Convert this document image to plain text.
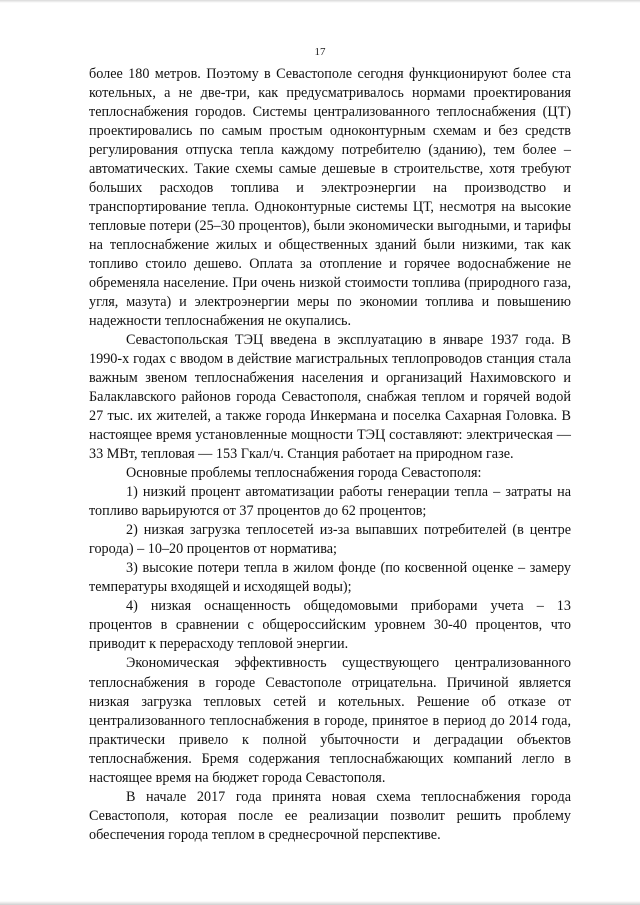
17

более 180 метров. Поэтому в Севастополе сегодня функционируют более ста котельных, а не две-три, как предусматривалось нормами проектирования теплоснабжения городов. Системы централизованного теплоснабжения (ЦТ) проектировались по самым простым одноконтурным схемам и без средств регулирования отпуска тепла каждому потребителю (зданию), тем более – автоматических. Такие схемы самые дешевые в строительстве, хотя требуют больших расходов топлива и электроэнергии на производство и транспортирование тепла. Одноконтурные системы ЦТ, несмотря на высокие тепловые потери (25–30 процентов), были экономически выгодными, и тарифы на теплоснабжение жилых и общественных зданий были низкими, так как топливо стоило дешево. Оплата за отопление и горячее водоснабжение не обременяла население. При очень низкой стоимости топлива (природного газа, угля, мазута) и электроэнергии меры по экономии топлива и повышению надежности теплоснабжения не окупались.

Севастопольская ТЭЦ введена в эксплуатацию в январе 1937 года. В 1990-х годах с вводом в действие магистральных теплопроводов станция стала важным звеном теплоснабжения населения и организаций Нахимовского и Балаклавского районов города Севастополя, снабжая теплом и горячей водой 27 тыс. их жителей, а также города Инкермана и поселка Сахарная Головка. В настоящее время установленные мощности ТЭЦ составляют: электрическая — 33 МВт, тепловая — 153 Гкал/ч. Станция работает на природном газе.

Основные проблемы теплоснабжения города Севастополя:

1) низкий процент автоматизации работы генерации тепла – затраты на топливо варьируются от 37 процентов до 62 процентов;

2) низкая загрузка теплосетей из-за выпавших потребителей (в центре города) – 10–20 процентов от норматива;

3) высокие потери тепла в жилом фонде (по косвенной оценке – замеру температуры входящей и исходящей воды);

4) низкая оснащенность общедомовыми приборами учета – 13 процентов в сравнении с общероссийским уровнем 30-40 процентов, что приводит к перерасходу тепловой энергии.

Экономическая эффективность существующего централизованного теплоснабжения в городе Севастополе отрицательна. Причиной является низкая загрузка тепловых сетей и котельных. Решение об отказе от централизованного теплоснабжения в городе, принятое в период до 2014 года, практически привело к полной убыточности и деградации объектов теплоснабжения. Бремя содержания теплоснабжающих компаний легло в настоящее время на бюджет города Севастополя.

В начале 2017 года принята новая схема теплоснабжения города Севастополя, которая после ее реализации позволит решить проблему обеспечения города теплом в среднесрочной перспективе.
